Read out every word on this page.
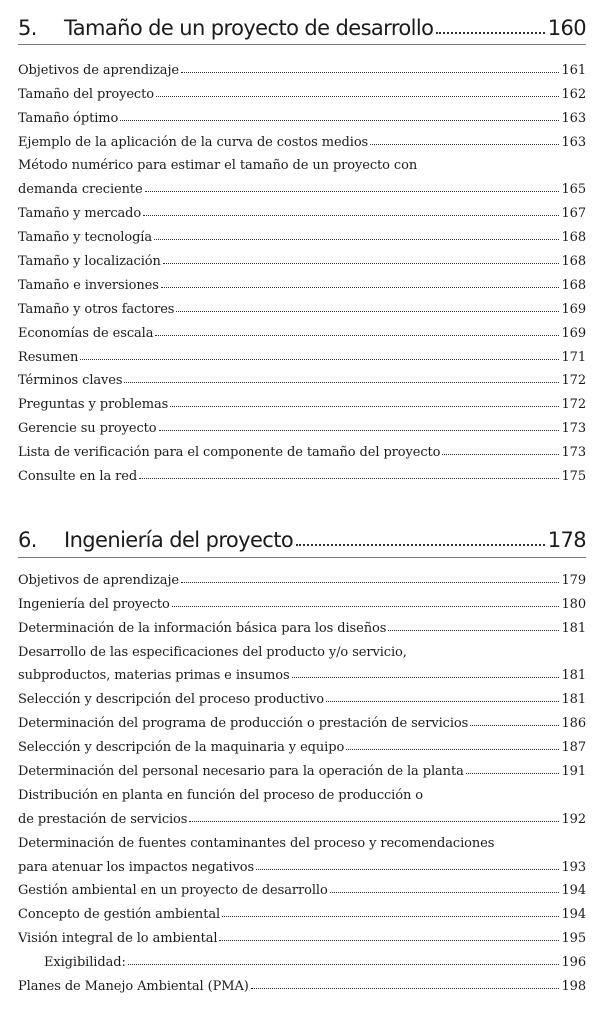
5.	Tamaño de un proyecto de desarrollo	160
Objetivos de aprendizaje	161
Tamaño del proyecto	162
Tamaño óptimo	163
Ejemplo de la aplicación de la curva de costos medios	163
Método numérico para estimar el tamaño de un proyecto con
demanda creciente	165
Tamaño y mercado	167
Tamaño y tecnología	168
Tamaño y localización	168
Tamaño e inversiones	168
Tamaño y otros factores	169
Economías de escala	169
Resumen	171
Términos claves	172
Preguntas y problemas	172
Gerencie su proyecto	173
Lista de verificación para el componente de tamaño del proyecto	173
Consulte en la red	175
6.	Ingeniería del proyecto	178
Objetivos de aprendizaje	179
Ingeniería del proyecto	180
Determinación de la información básica para los diseños	181
Desarrollo de las especificaciones del producto y/o servicio,
subproductos, materias primas e insumos	181
Selección y descripción del proceso productivo	181
Determinación del programa de producción o prestación de servicios	186
Selección y descripción de la maquinaria y equipo	187
Determinación del personal necesario para la operación de la planta	191
Distribución en planta en función del proceso de producción o
de prestación de servicios	192
Determinación de fuentes contaminantes del proceso y recomendaciones
para atenuar los impactos negativos	193
Gestión ambiental en un proyecto de desarrollo	194
Concepto de gestión ambiental	194
Visión integral de lo ambiental	195
Exigibilidad:	196
Planes de Manejo Ambiental (PMA)	198
